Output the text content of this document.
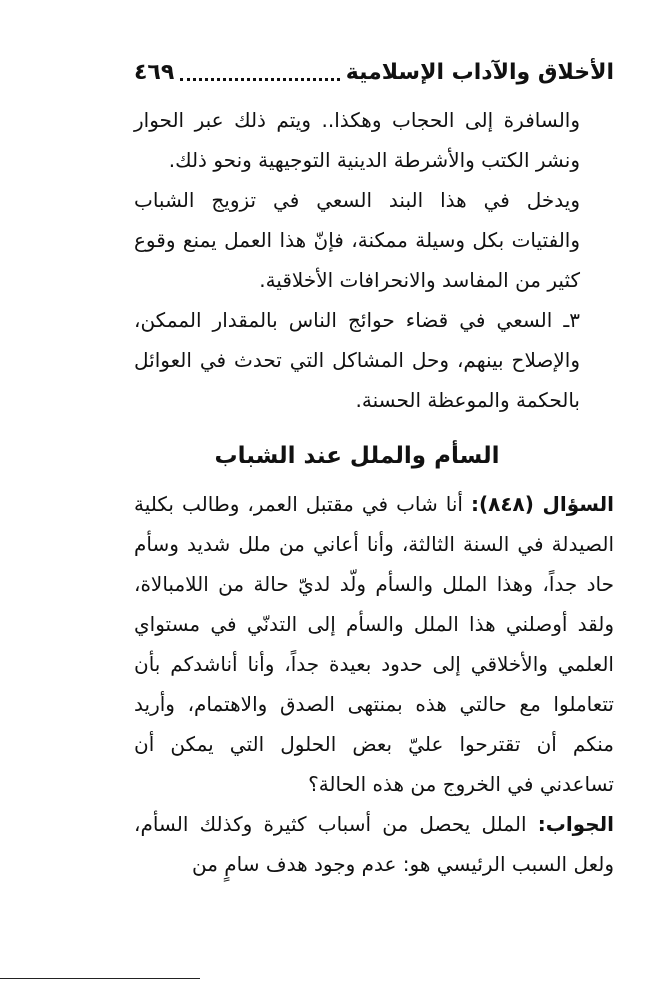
الأخلاق والآداب الإسلامية
٤٦٩

والسافرة إلى الحجاب وهكذا.. ويتم ذلك عبر الحوار ونشر الكتب والأشرطة الدينية التوجيهية ونحو ذلك.

ويدخل في هذا البند السعي في تزويج الشباب والفتيات بكل وسيلة ممكنة، فإنّ هذا العمل يمنع وقوع كثير من المفاسد والانحرافات الأخلاقية.

٣ـ السعي في قضاء حوائج الناس بالمقدار الممكن، والإصلاح بينهم، وحل المشاكل التي تحدث في العوائل بالحكمة والموعظة الحسنة.

السأم والملل عند الشباب

السؤال (٨٤٨): أنا شاب في مقتبل العمر، وطالب بكلية الصيدلة في السنة الثالثة، وأنا أعاني من ملل شديد وسأم حاد جداً، وهذا الملل والسأم ولّد لديّ حالة من اللامبالاة، ولقد أوصلني هذا الملل والسأم إلى التدنّي في مستواي العلمي والأخلاقي إلى حدود بعيدة جداً، وأنا أناشدكم بأن تتعاملوا مع حالتي هذه بمنتهى الصدق والاهتمام، وأريد منكم أن تقترحوا عليّ بعض الحلول التي يمكن أن تساعدني في الخروج من هذه الحالة؟

الجواب: الملل يحصل من أسباب كثيرة وكذلك السأم، ولعل السبب الرئيسي هو: عدم وجود هدف سامٍ من
